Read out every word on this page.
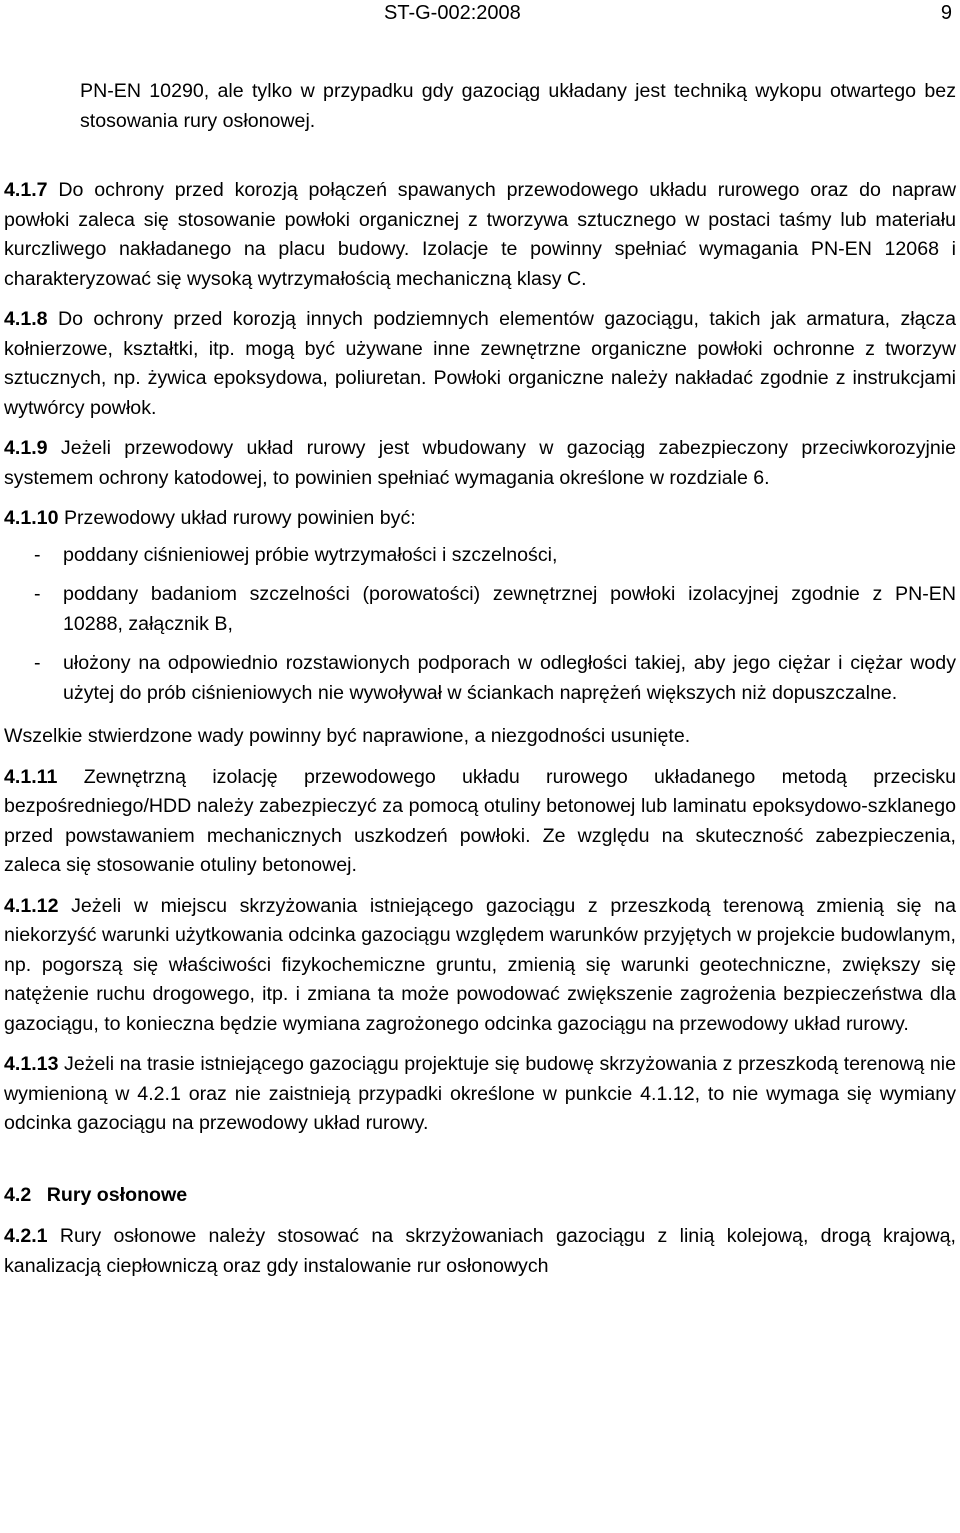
ST-G-002:2008	9

PN-EN 10290, ale tylko w przypadku gdy gazociąg układany jest techniką wykopu otwartego bez stosowania rury osłonowej.

4.1.7 Do ochrony przed korozją połączeń spawanych przewodowego układu rurowego oraz do napraw powłoki zaleca się stosowanie powłoki organicznej z tworzywa sztucznego w postaci taśmy lub materiału kurczliwego nakładanego na placu budowy. Izolacje te powinny spełniać wymagania PN-EN 12068 i charakteryzować się wysoką wytrzymałością mechaniczną klasy C.

4.1.8 Do ochrony przed korozją innych podziemnych elementów gazociągu, takich jak armatura, złącza kołnierzowe, kształtki, itp. mogą być używane inne zewnętrzne organiczne powłoki ochronne z tworzyw sztucznych, np. żywica epoksydowa, poliuretan. Powłoki organiczne należy nakładać zgodnie z instrukcjami wytwórcy powłok.

4.1.9 Jeżeli przewodowy układ rurowy jest wbudowany w gazociąg zabezpieczony przeciwkorozyjnie systemem ochrony katodowej, to powinien spełniać wymagania określone w rozdziale 6.

4.1.10 Przewodowy układ rurowy powinien być:

- poddany ciśnieniowej próbie wytrzymałości i szczelności,
- poddany badaniom szczelności (porowatości) zewnętrznej powłoki izolacyjnej zgodnie z PN-EN 10288, załącznik B,
- ułożony na odpowiednio rozstawionych podporach w odległości takiej, aby jego ciężar i ciężar wody użytej do prób ciśnieniowych nie wywoływał w ściankach naprężeń większych niż dopuszczalne.

Wszelkie stwierdzone wady powinny być naprawione, a niezgodności usunięte.

4.1.11 Zewnętrzną izolację przewodowego układu rurowego układanego metodą przecisku bezpośredniego/HDD należy zabezpieczyć za pomocą otuliny betonowej lub laminatu epoksydowo-szklanego przed powstawaniem mechanicznych uszkodzeń powłoki. Ze względu na skuteczność zabezpieczenia, zaleca się stosowanie otuliny betonowej.

4.1.12 Jeżeli w miejscu skrzyżowania istniejącego gazociągu z przeszkodą terenową zmienią się na niekorzyść warunki użytkowania odcinka gazociągu względem warunków przyjętych w projekcie budowlanym, np. pogorszą się właściwości fizykochemiczne gruntu, zmienią się warunki geotechniczne, zwiększy się natężenie ruchu drogowego, itp. i zmiana ta może powodować zwiększenie zagrożenia bezpieczeństwa dla gazociągu, to konieczna będzie wymiana zagrożonego odcinka gazociągu na przewodowy układ rurowy.

4.1.13 Jeżeli na trasie istniejącego gazociągu projektuje się budowę skrzyżowania z przeszkodą terenową nie wymienioną w 4.2.1 oraz nie zaistnieją przypadki określone w punkcie 4.1.12, to nie wymaga się wymiany odcinka gazociągu na przewodowy układ rurowy.

4.2 Rury osłonowe

4.2.1 Rury osłonowe należy stosować na skrzyżowaniach gazociągu z linią kolejową, drogą krajową, kanalizacją ciepłowniczą oraz gdy instalowanie rur osłonowych
